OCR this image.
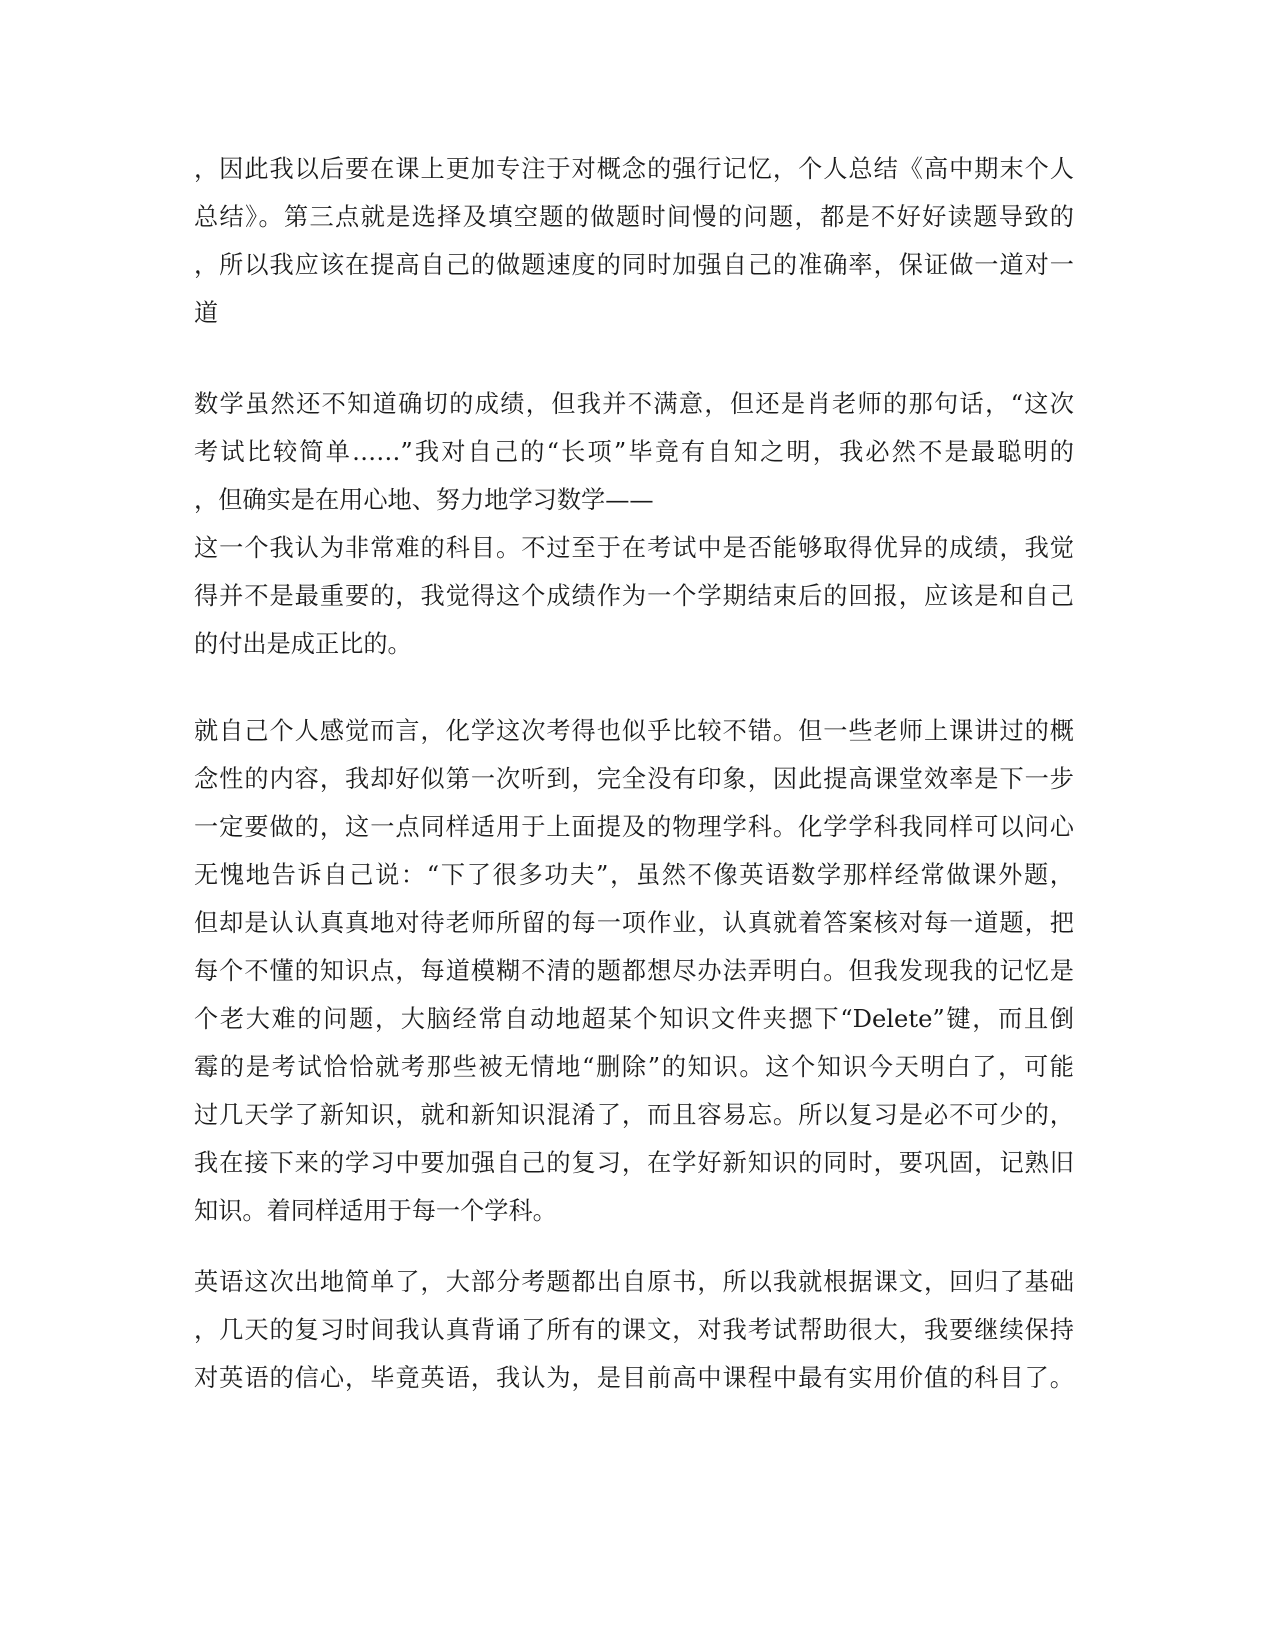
，因此我以后要在课上更加专注于对概念的强行记忆，个人总结《高中期末个人
总结》。第三点就是选择及填空题的做题时间慢的问题，都是不好好读题导致的
，所以我应该在提高自己的做题速度的同时加强自己的准确率，保证做一道对一
道
数学虽然还不知道确切的成绩，但我并不满意，但还是肖老师的那句话，“这次
考试比较简单……”我对自己的“长项”毕竟有自知之明，我必然不是最聪明的
，但确实是在用心地、努力地学习数学——
这一个我认为非常难的科目。不过至于在考试中是否能够取得优异的成绩，我觉
得并不是最重要的，我觉得这个成绩作为一个学期结束后的回报，应该是和自己
的付出是成正比的。
就自己个人感觉而言，化学这次考得也似乎比较不错。但一些老师上课讲过的概
念性的内容，我却好似第一次听到，完全没有印象，因此提高课堂效率是下一步
一定要做的，这一点同样适用于上面提及的物理学科。化学学科我同样可以问心
无愧地告诉自己说：“下了很多功夫”，虽然不像英语数学那样经常做课外题，
但却是认认真真地对待老师所留的每一项作业，认真就着答案核对每一道题，把
每个不懂的知识点，每道模糊不清的题都想尽办法弄明白。但我发现我的记忆是
个老大难的问题，大脑经常自动地超某个知识文件夹摁下“Delete”键，而且倒
霉的是考试恰恰就考那些被无情地“删除”的知识。这个知识今天明白了，可能
过几天学了新知识，就和新知识混淆了，而且容易忘。所以复习是必不可少的，
我在接下来的学习中要加强自己的复习，在学好新知识的同时，要巩固，记熟旧
知识。着同样适用于每一个学科。
英语这次出地简单了，大部分考题都出自原书，所以我就根据课文，回归了基础
，几天的复习时间我认真背诵了所有的课文，对我考试帮助很大，我要继续保持
对英语的信心，毕竟英语，我认为，是目前高中课程中最有实用价值的科目了。
